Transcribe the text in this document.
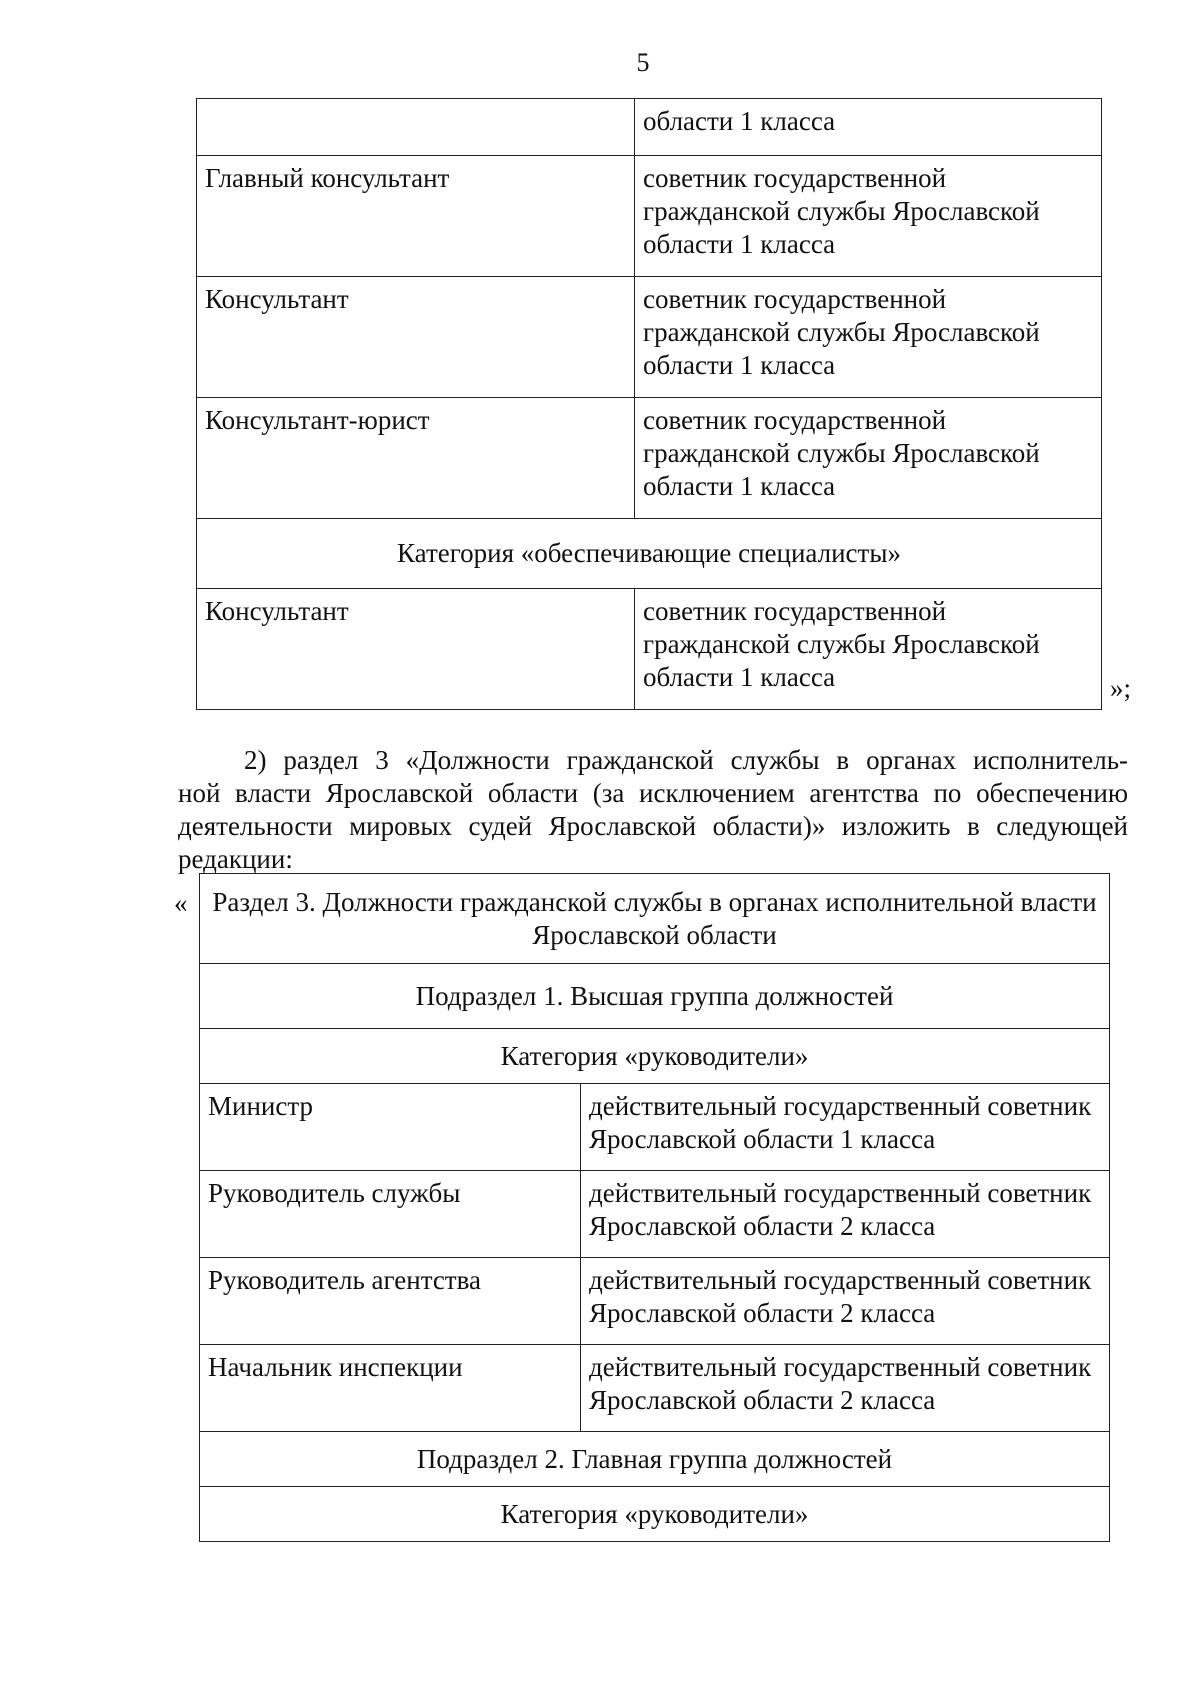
5
	области 1 класса
Главный консультант	советник государственной гражданской службы Ярославской области 1 класса
Консультант	советник государственной гражданской службы Ярославской области 1 класса
Консультант-юрист	советник государственной гражданской службы Ярославской области 1 класса
Категория «обеспечивающие специалисты»	
Консультант	советник государственной гражданской службы Ярославской области 1 класса	»;
2) раздел 3 «Должности гражданской службы в органах исполнитель-
ной власти Ярославской области (за исключением агентства по обеспечению
деятельности мировых судей Ярославской области)» изложить в следующей
редакции:
« Раздел 3. Должности гражданской службы в органах исполнительной власти Ярославской области	
Подраздел 1. Высшая группа должностей	
Категория «руководители»	
Министр	действительный государственный советник Ярославской области 1 класса
Руководитель службы	действительный государственный советник Ярославской области 2 класса
Руководитель агентства	действительный государственный советник Ярославской области 2 класса
Начальник инспекции	действительный государственный советник Ярославской области 2 класса
Подраздел 2. Главная группа должностей	
Категория «руководители»	
